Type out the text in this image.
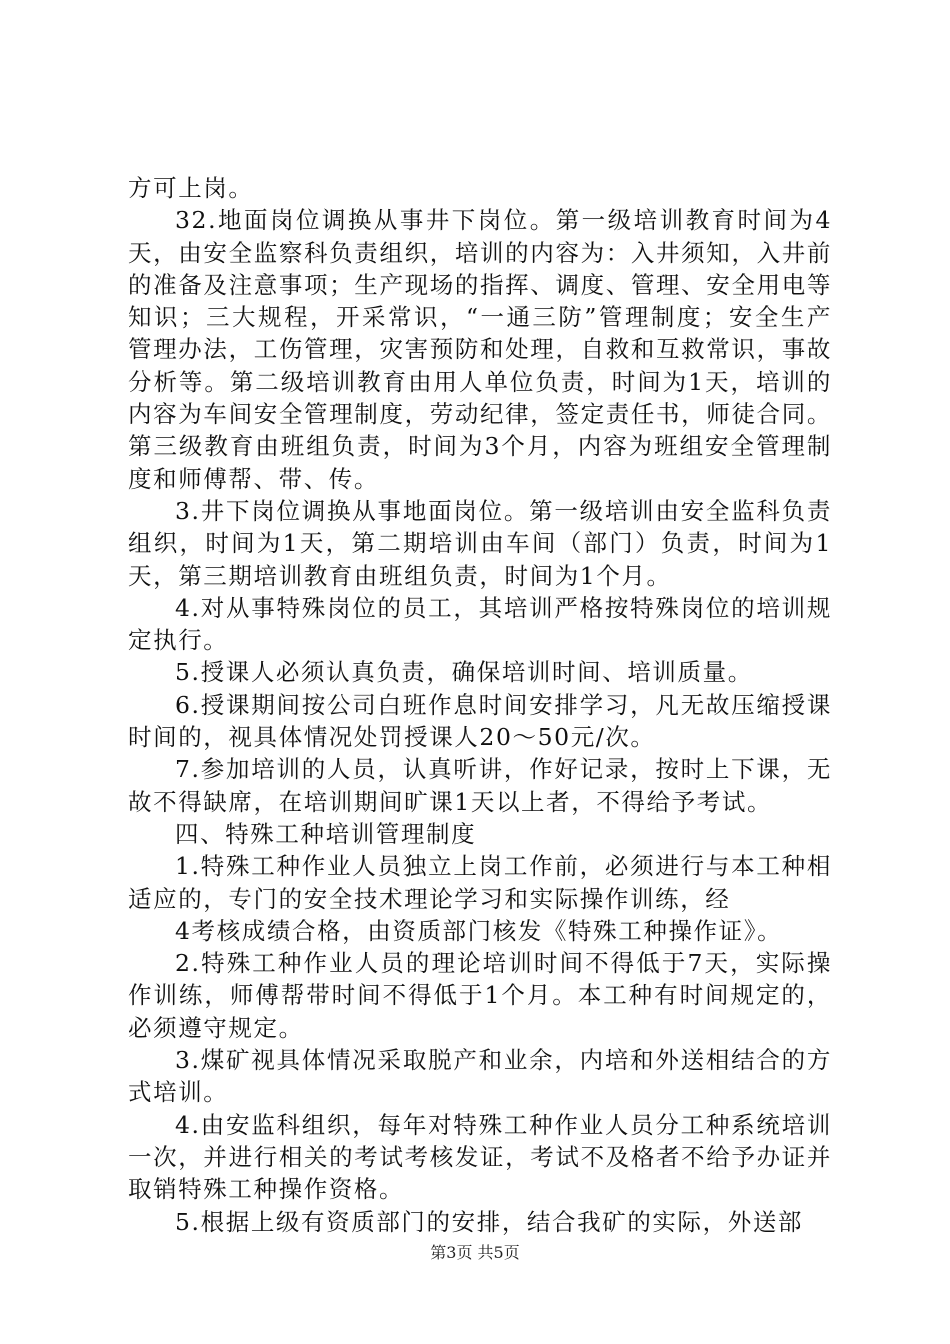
方可上岗。

32.地面岗位调换从事井下岗位。第一级培训教育时间为4天，由安全监察科负责组织，培训的内容为：入井须知，入井前的准备及注意事项；生产现场的指挥、调度、管理、安全用电等知识；三大规程，开采常识，“一通三防”管理制度；安全生产管理办法，工伤管理，灾害预防和处理，自救和互救常识，事故分析等。第二级培训教育由用人单位负责，时间为1天，培训的内容为车间安全管理制度，劳动纪律，签定责任书，师徒合同。第三级教育由班组负责，时间为3个月，内容为班组安全管理制度和师傅帮、带、传。

3.井下岗位调换从事地面岗位。第一级培训由安全监科负责组织，时间为1天，第二期培训由车间（部门）负责，时间为1天，第三期培训教育由班组负责，时间为1个月。

4.对从事特殊岗位的员工，其培训严格按特殊岗位的培训规定执行。

5.授课人必须认真负责，确保培训时间、培训质量。

6.授课期间按公司白班作息时间安排学习，凡无故压缩授课时间的，视具体情况处罚授课人20～50元/次。

7.参加培训的人员，认真听讲，作好记录，按时上下课，无故不得缺席，在培训期间旷课1天以上者，不得给予考试。

四、特殊工种培训管理制度

1.特殊工种作业人员独立上岗工作前，必须进行与本工种相适应的，专门的安全技术理论学习和实际操作训练，经

4考核成绩合格，由资质部门核发《特殊工种操作证》。

2.特殊工种作业人员的理论培训时间不得低于7天，实际操作训练，师傅帮带时间不得低于1个月。本工种有时间规定的，必须遵守规定。

3.煤矿视具体情况采取脱产和业余，内培和外送相结合的方式培训。

4.由安监科组织，每年对特殊工种作业人员分工种系统培训一次，并进行相关的考试考核发证，考试不及格者不给予办证并取销特殊工种操作资格。

5.根据上级有资质部门的安排，结合我矿的实际，外送部

第3页 共5页
